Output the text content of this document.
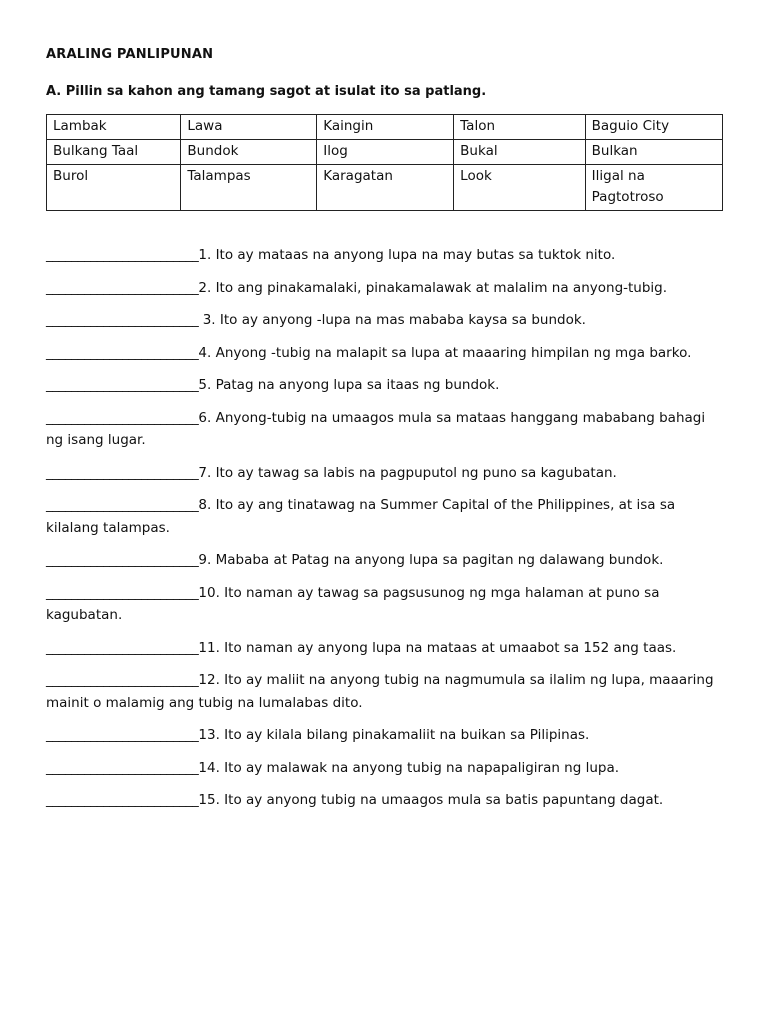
ARALING PANLIPUNAN

A. Pillin sa kahon ang tamang sagot at isulat ito sa patlang.

Lambak	Lawa	Kaingin	Talon	Baguio City
Bulkang Taal	Bundok	Ilog	Bukal	Bulkan
Burol	Talampas	Karagatan	Look	Iligal na Pagtotroso
________________________1. Ito ay mataas na anyong lupa na may butas sa tuktok nito.
________________________2. Ito ang pinakamalaki, pinakamalawak at malalim na anyong-tubig.
________________________ 3. Ito ay anyong -lupa na mas mababa kaysa sa bundok.
________________________4. Anyong -tubig na malapit sa lupa at maaaring himpilan ng mga barko.
________________________5. Patag na anyong lupa sa itaas ng bundok.
________________________6. Anyong-tubig na umaagos mula sa mataas hanggang mababang bahagi ng isang lugar.
________________________7. Ito ay tawag sa labis na pagpuputol ng puno sa kagubatan.
________________________8. Ito ay ang tinatawag na Summer Capital of the Philippines, at isa sa kilalang talampas.
________________________9. Mababa at Patag na anyong lupa sa pagitan ng dalawang bundok.
________________________10. Ito naman ay tawag sa pagsusunog ng mga halaman at puno sa kagubatan.
________________________11. Ito naman ay anyong lupa na mataas at umaabot sa 152 ang taas.
________________________12. Ito ay maliit na anyong tubig na nagmumula sa ilalim ng lupa, maaaring mainit o malamig ang tubig na lumalabas dito.
________________________13. Ito ay kilala bilang pinakamaliit na buikan sa Pilipinas.
________________________14. Ito ay malawak na anyong tubig na napapaligiran ng lupa.
________________________15. Ito ay anyong tubig na umaagos mula sa batis papuntang dagat.
